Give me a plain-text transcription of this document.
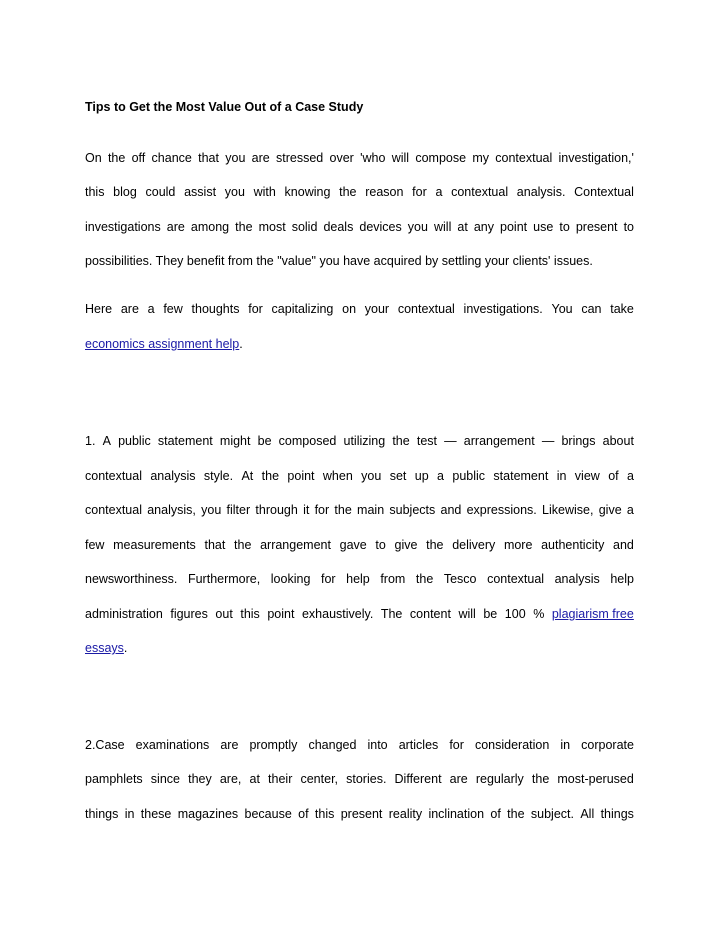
Tips to Get the Most Value Out of a Case Study
On the off chance that you are stressed over 'who will compose my contextual investigation,'
this blog could assist you with knowing the reason for a contextual analysis. Contextual
investigations are among the most solid deals devices you will at any point use to present to
possibilities. They benefit from the "value" you have acquired by settling your clients' issues.
Here are a few thoughts for capitalizing on your contextual investigations. You can take
economics assignment help.
1. A public statement might be composed utilizing the test — arrangement — brings about
contextual analysis style. At the point when you set up a public statement in view of a
contextual analysis, you filter through it for the main subjects and expressions. Likewise, give a
few measurements that the arrangement gave to give the delivery more authenticity and
newsworthiness. Furthermore, looking for help from the Tesco contextual analysis help
administration figures out this point exhaustively. The content will be 100 % plagiarism free
essays.
2.Case examinations are promptly changed into articles for consideration in corporate
pamphlets since they are, at their center, stories. Different are regularly the most-perused
things in these magazines because of this present reality inclination of the subject. All things
